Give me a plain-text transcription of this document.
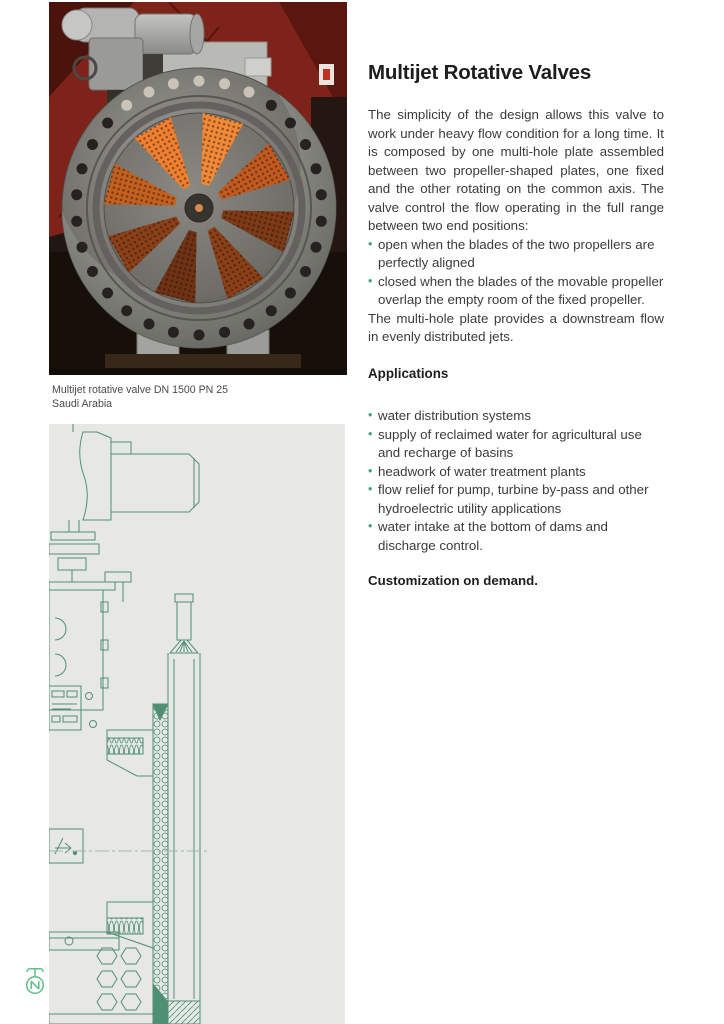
Multijet rotative valve DN 1500 PN 25
Saudi Arabia
Multijet Rotative Valves

The simplicity of the design allows this valve to work under heavy flow condition for a long time. It is composed by one multi-hole plate assembled between two propeller-shaped plates, one fixed and the other rotating on the common axis. The valve control the flow operating in the full range between two end positions:

• open when the blades of the two propellers are perfectly aligned
• closed when the blades of the movable propeller overlap the empty room of the fixed propeller.

The multi-hole plate provides a downstream flow in evenly distributed jets.

Applications
• water distribution systems
• supply of reclaimed water for agricultural use and recharge of basins
• headwork of water treatment plants
• flow relief for pump, turbine by-pass and other hydroelectric utility applications
• water intake at the bottom of dams and discharge control.

Customization on demand.
